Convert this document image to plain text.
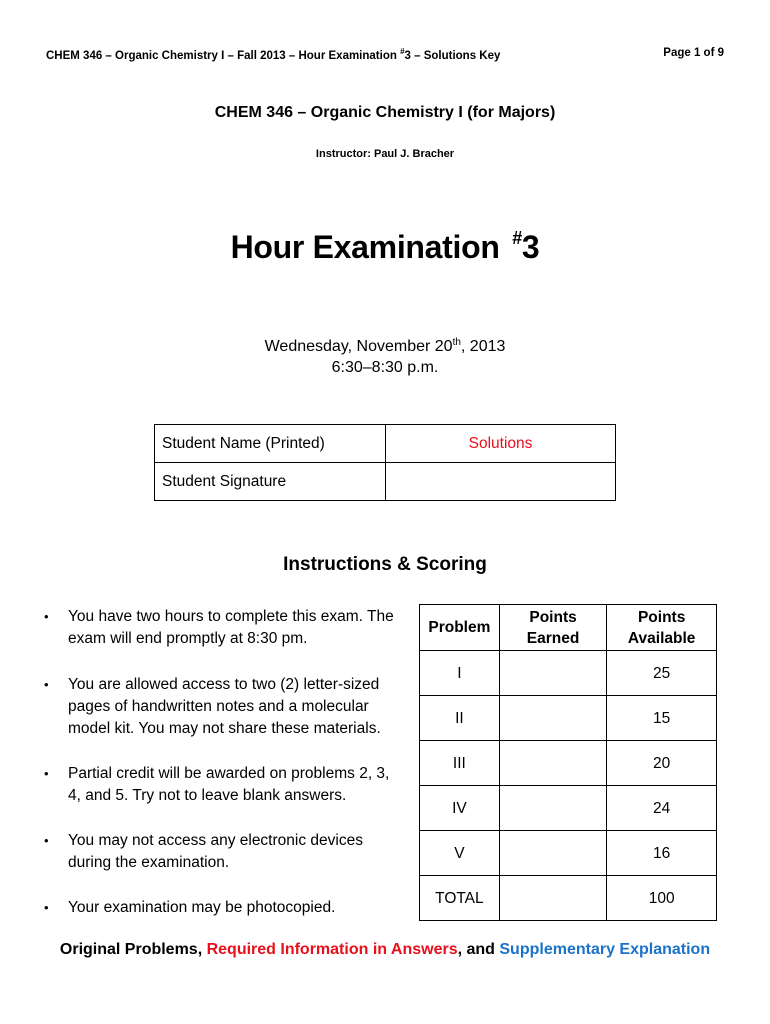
CHEM 346 – Organic Chemistry I – Fall 2013 – Hour Examination #3 – Solutions Key	Page 1 of 9
CHEM 346 – Organic Chemistry I (for Majors)
Instructor: Paul J. Bracher
Hour Examination #3
Wednesday, November 20th, 2013
6:30–8:30 p.m.
Student Name (Printed)	Solutions
Student Signature	
Instructions & Scoring
• You have two hours to complete this exam. The exam will end promptly at 8:30 pm.
• You are allowed access to two (2) letter-sized pages of handwritten notes and a molecular model kit. You may not share these materials.
• Partial credit will be awarded on problems 2, 3, 4, and 5. Try not to leave blank answers.
• You may not access any electronic devices during the examination.
• Your examination may be photocopied.
Problem	Points Earned	Points Available
I		25
II		15
III		20
IV		24
V		16
TOTAL		100
Original Problems, Required Information in Answers, and Supplementary Explanation
